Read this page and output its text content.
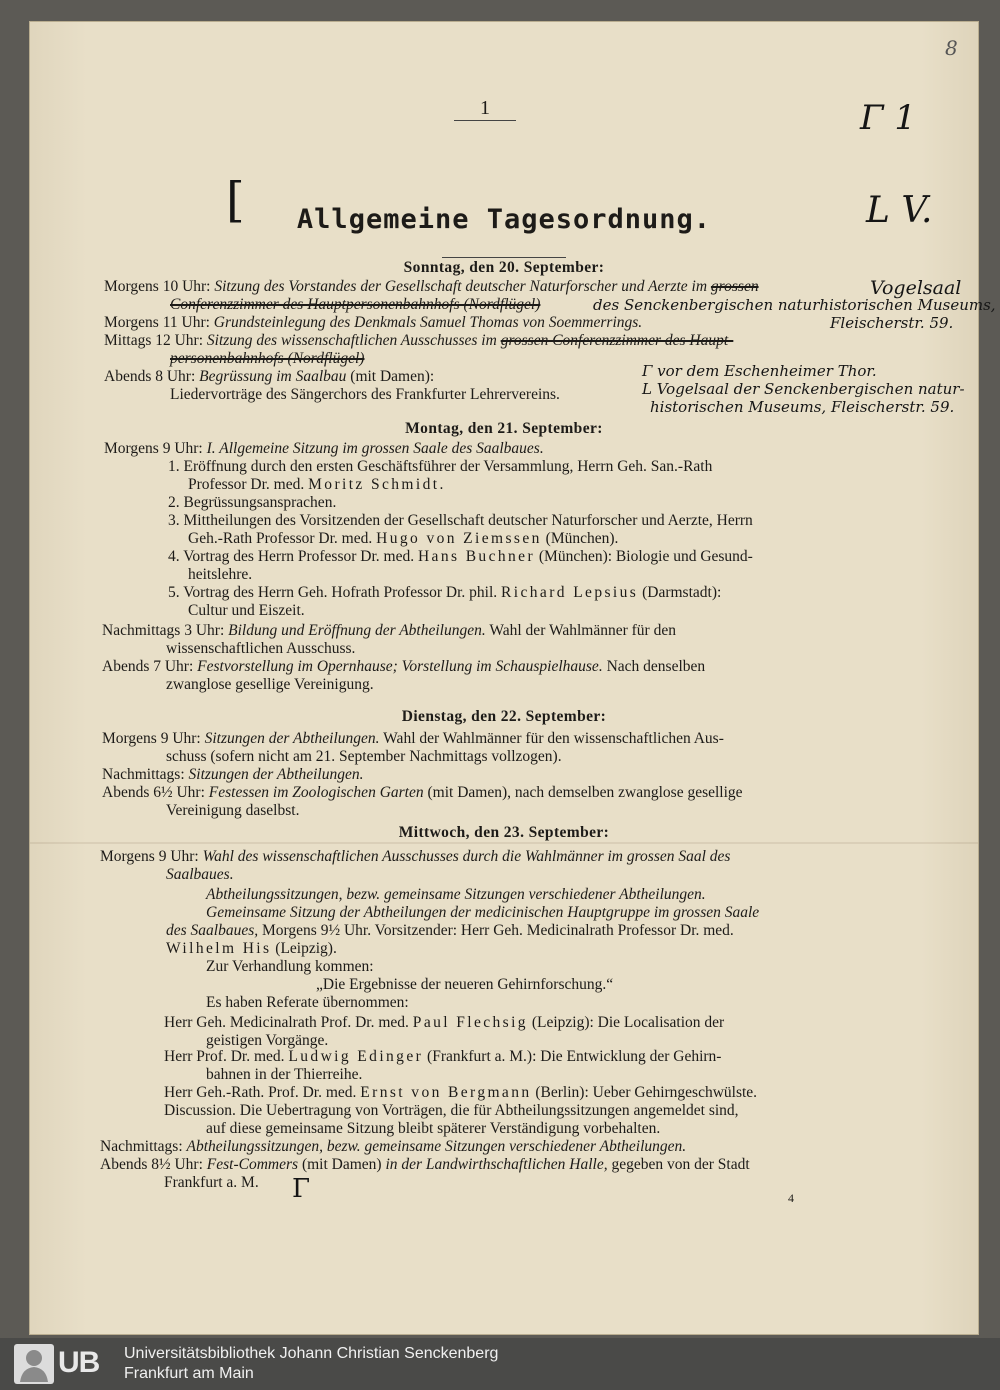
8
1	Γ 1
[	Allgemeine Tagesordnung.	L V.
Sonntag, den 20. September:
Morgens 10 Uhr: Sitzung des Vorstandes der Gesellschaft deutscher Naturforscher und Aerzte im grossen	Vogelsaal
Conferenzzimmer des Hauptpersonenbahnhofs (Nordflügel)	des Senckenbergischen naturhistorischen Museums,
Morgens 11 Uhr: Grundsteinlegung des Denkmals Samuel Thomas von Soemmerrings.	Fleischerstr. 59.
Mittags 12 Uhr: Sitzung des wissenschaftlichen Ausschusses im grossen Conferenzzimmer des Haupt-
personenbahnhofs (Nordflügel)
Γ vor dem Eschenheimer Thor.
Abends 8 Uhr: Begrüssung im Saalbau (mit Damen):
Liedervorträge des Sängerchors des Frankfurter Lehrervereins.	L Vogelsaal der Senckenbergischen natur-
historischen Museums, Fleischerstr. 59.
Montag, den 21. September:
Morgens 9 Uhr: I. Allgemeine Sitzung im grossen Saale des Saalbaues.
1. Eröffnung durch den ersten Geschäftsführer der Versammlung, Herrn Geh. San.-Rath
Professor Dr. med. Moritz Schmidt.
2. Begrüssungsansprachen.
3. Mittheilungen des Vorsitzenden der Gesellschaft deutscher Naturforscher und Aerzte, Herrn
Geh.-Rath Professor Dr. med. Hugo von Ziemssen (München).
4. Vortrag des Herrn Professor Dr. med. Hans Buchner (München): Biologie und Gesund-
heitslehre.
5. Vortrag des Herrn Geh. Hofrath Professor Dr. phil. Richard Lepsius (Darmstadt):
Cultur und Eiszeit.
Nachmittags 3 Uhr: Bildung und Eröffnung der Abtheilungen. Wahl der Wahlmänner für den
wissenschaftlichen Ausschuss.
Abends 7 Uhr: Festvorstellung im Opernhause; Vorstellung im Schauspielhause. Nach denselben
zwanglose gesellige Vereinigung.
Dienstag, den 22. September:
Morgens 9 Uhr: Sitzungen der Abtheilungen. Wahl der Wahlmänner für den wissenschaftlichen Aus-
schuss (sofern nicht am 21. September Nachmittags vollzogen).
Nachmittags: Sitzungen der Abtheilungen.
Abends 6½ Uhr: Festessen im Zoologischen Garten (mit Damen), nach demselben zwanglose gesellige
Vereinigung daselbst.
Mittwoch, den 23. September:
Morgens 9 Uhr: Wahl des wissenschaftlichen Ausschusses durch die Wahlmänner im grossen Saal des
Saalbaues.
Abtheilungssitzungen, bezw. gemeinsame Sitzungen verschiedener Abtheilungen.
Gemeinsame Sitzung der Abtheilungen der medicinischen Hauptgruppe im grossen Saale
des Saalbaues, Morgens 9½ Uhr. Vorsitzender: Herr Geh. Medicinalrath Professor Dr. med.
Wilhelm His (Leipzig).
Zur Verhandlung kommen:
„Die Ergebnisse der neueren Gehirnforschung.“
Es haben Referate übernommen:
Herr Geh. Medicinalrath Prof. Dr. med. Paul Flechsig (Leipzig): Die Localisation der
geistigen Vorgänge.
Herr Prof. Dr. med. Ludwig Edinger (Frankfurt a. M.): Die Entwicklung der Gehirn-
bahnen in der Thierreihe.
Herr Geh.-Rath. Prof. Dr. med. Ernst von Bergmann (Berlin): Ueber Gehirngeschwülste.
Discussion. Die Uebertragung von Vorträgen, die für Abtheilungssitzungen angemeldet sind,
auf diese gemeinsame Sitzung bleibt späterer Verständigung vorbehalten.
Nachmittags: Abtheilungssitzungen, bezw. gemeinsame Sitzungen verschiedener Abtheilungen.
Abends 8½ Uhr: Fest-Commers (mit Damen) in der Landwirthschaftlichen Halle, gegeben von der Stadt
Frankfurt a. M. Γ	4
UB Universitätsbibliothek Johann Christian Senckenberg
Frankfurt am Main
